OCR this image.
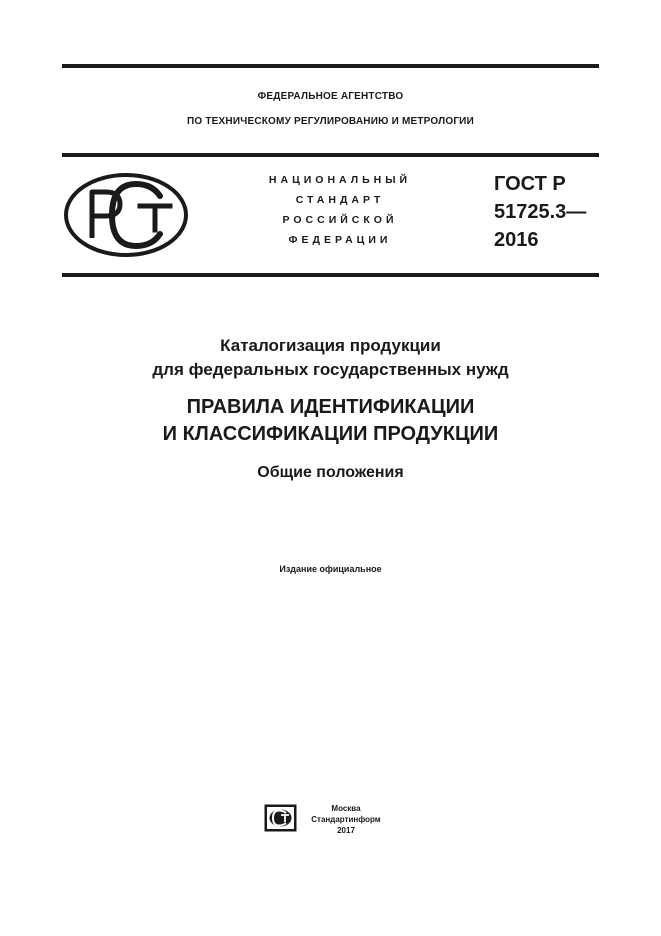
ФЕДЕРАЛЬНОЕ АГЕНТСТВО
ПО ТЕХНИЧЕСКОМУ РЕГУЛИРОВАНИЮ И МЕТРОЛОГИИ
НАЦИОНАЛЬНЫЙ
СТАНДАРТ
РОССИЙСКОЙ
ФЕДЕРАЦИИ
ГОСТ Р
51725.3—
2016
Каталогизация продукции
для федеральных государственных нужд
ПРАВИЛА ИДЕНТИФИКАЦИИ
И КЛАССИФИКАЦИИ ПРОДУКЦИИ
Общие положения
Издание официальное
Москва
Стандартинформ
2017
